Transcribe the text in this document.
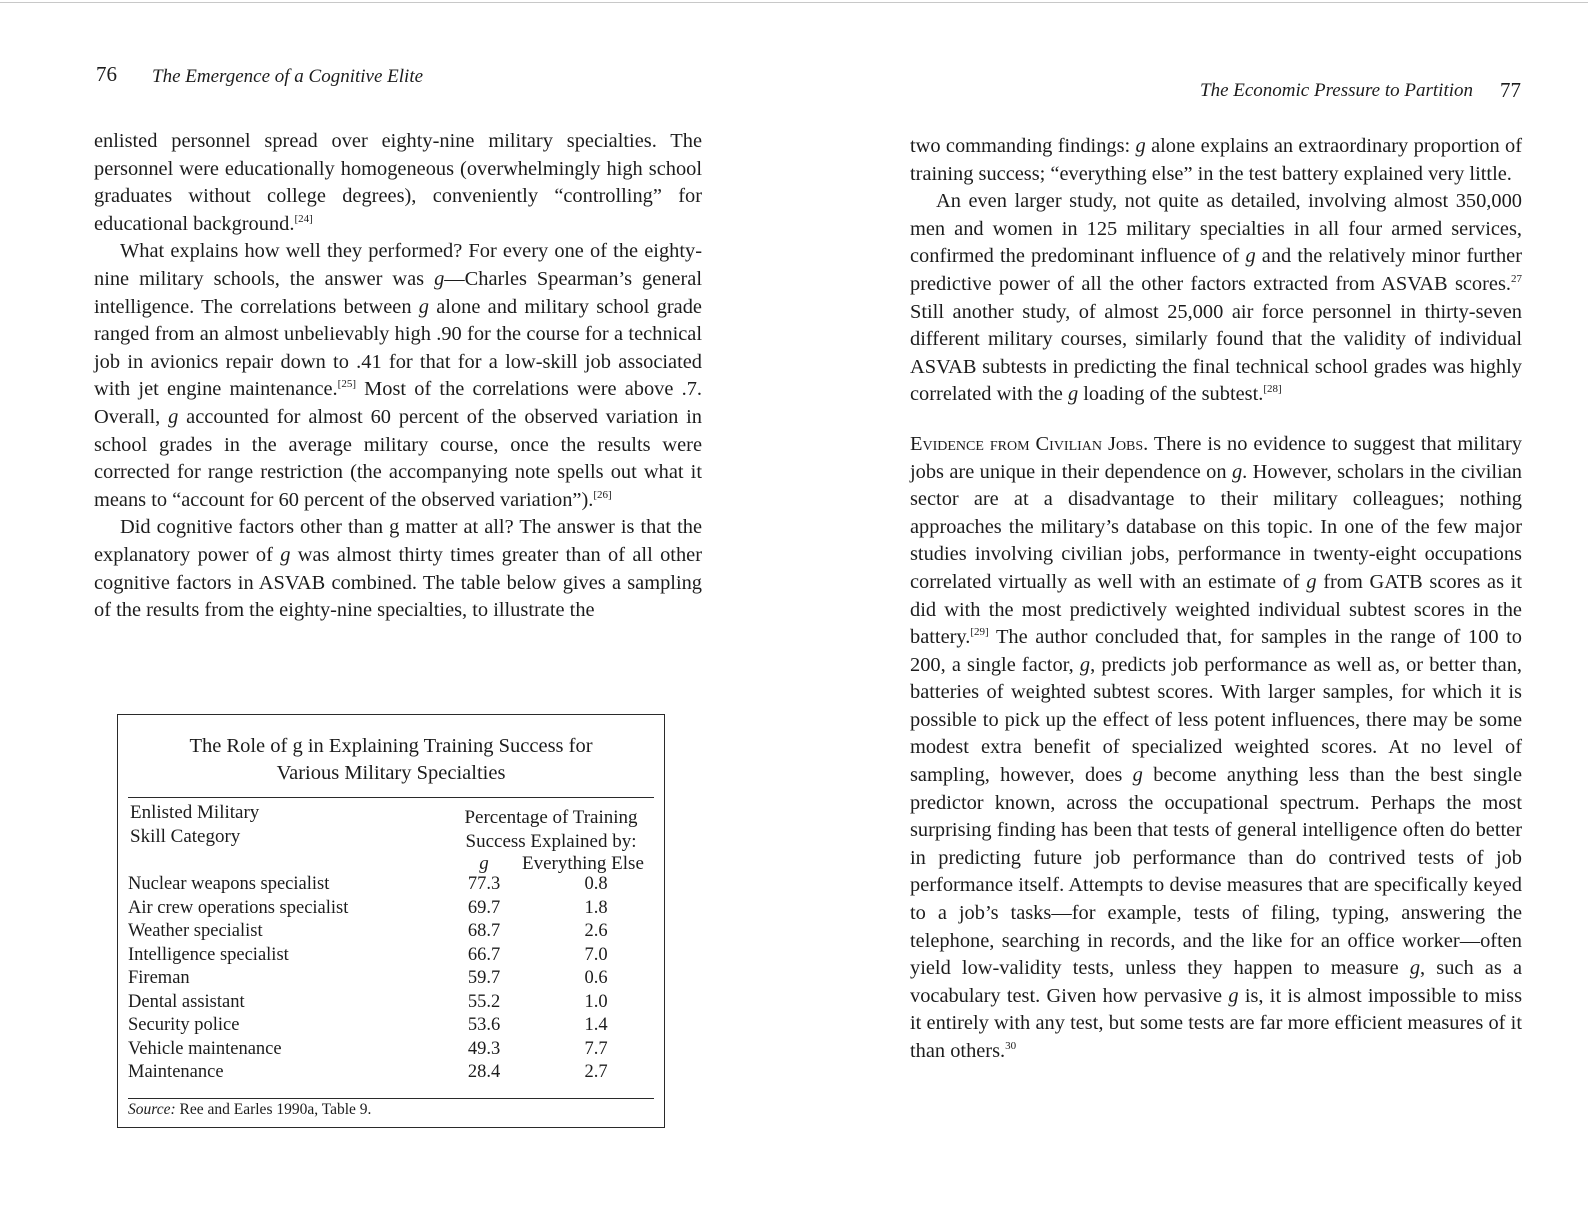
76 The Emergence of a Cognitive Elite

enlisted personnel spread over eighty-nine military specialties. The personnel were educationally homogeneous (overwhelmingly high school graduates without college degrees), conveniently “controlling” for educational background.[24]

What explains how well they performed? For every one of the eighty-nine military schools, the answer was g—Charles Spearman’s general intelligence. The correlations between g alone and military school grade ranged from an almost unbelievably high .90 for the course for a technical job in avionics repair down to .41 for that for a low-skill job associated with jet engine maintenance.[25] Most of the correlations were above .7. Overall, g accounted for almost 60 percent of the observed variation in school grades in the average military course, once the results were corrected for range restriction (the accompanying note spells out what it means to “account for 60 percent of the observed variation”).[26]

Did cognitive factors other than g matter at all? The answer is that the explanatory power of g was almost thirty times greater than of all other cognitive factors in ASVAB combined. The table below gives a sampling of the results from the eighty-nine specialties, to illustrate the

The Role of g in Explaining Training Success for
Various Military Specialties
Enlisted Military
Skill Category
Percentage of Training
Success Explained by:
g	Everything Else
Nuclear weapons specialist	77.3	0.8
Air crew operations specialist	69.7	1.8
Weather specialist	68.7	2.6
Intelligence specialist	66.7	7.0
Fireman	59.7	0.6
Dental assistant	55.2	1.0
Security police	53.6	1.4
Vehicle maintenance	49.3	7.7
Maintenance	28.4	2.7
Source: Ree and Earles 1990a, Table 9.
The Economic Pressure to Partition 77

two commanding findings: g alone explains an extraordinary proportion of training success; “everything else” in the test battery explained very little.

An even larger study, not quite as detailed, involving almost 350,000 men and women in 125 military specialties in all four armed services, confirmed the predominant influence of g and the relatively minor further predictive power of all the other factors extracted from ASVAB scores.$^{27}$ Still another study, of almost 25,000 air force personnel in thirty-seven different military courses, similarly found that the validity of individual ASVAB subtests in predicting the final technical school grades was highly correlated with the g loading of the subtest.[28]

Evidence from Civilian Jobs. There is no evidence to suggest that military jobs are unique in their dependence on g. However, scholars in the civilian sector are at a disadvantage to their military colleagues; nothing approaches the military’s database on this topic. In one of the few major studies involving civilian jobs, performance in twenty-eight occupations correlated virtually as well with an estimate of g from GATB scores as it did with the most predictively weighted individual subtest scores in the battery.[29] The author concluded that, for samples in the range of 100 to 200, a single factor, g, predicts job performance as well as, or better than, batteries of weighted subtest scores. With larger samples, for which it is possible to pick up the effect of less potent influences, there may be some modest extra benefit of specialized weighted scores. At no level of sampling, however, does g become anything less than the best single predictor known, across the occupational spectrum. Perhaps the most surprising finding has been that tests of general intelligence often do better in predicting future job performance than do contrived tests of job performance itself. Attempts to devise measures that are specifically keyed to a job’s tasks—for example, tests of filing, typing, answering the telephone, searching in records, and the like for an office worker—often yield low-validity tests, unless they happen to measure g, such as a vocabulary test. Given how pervasive g is, it is almost impossible to miss it entirely with any test, but some tests are far more efficient measures of it than others.$^{30}$
